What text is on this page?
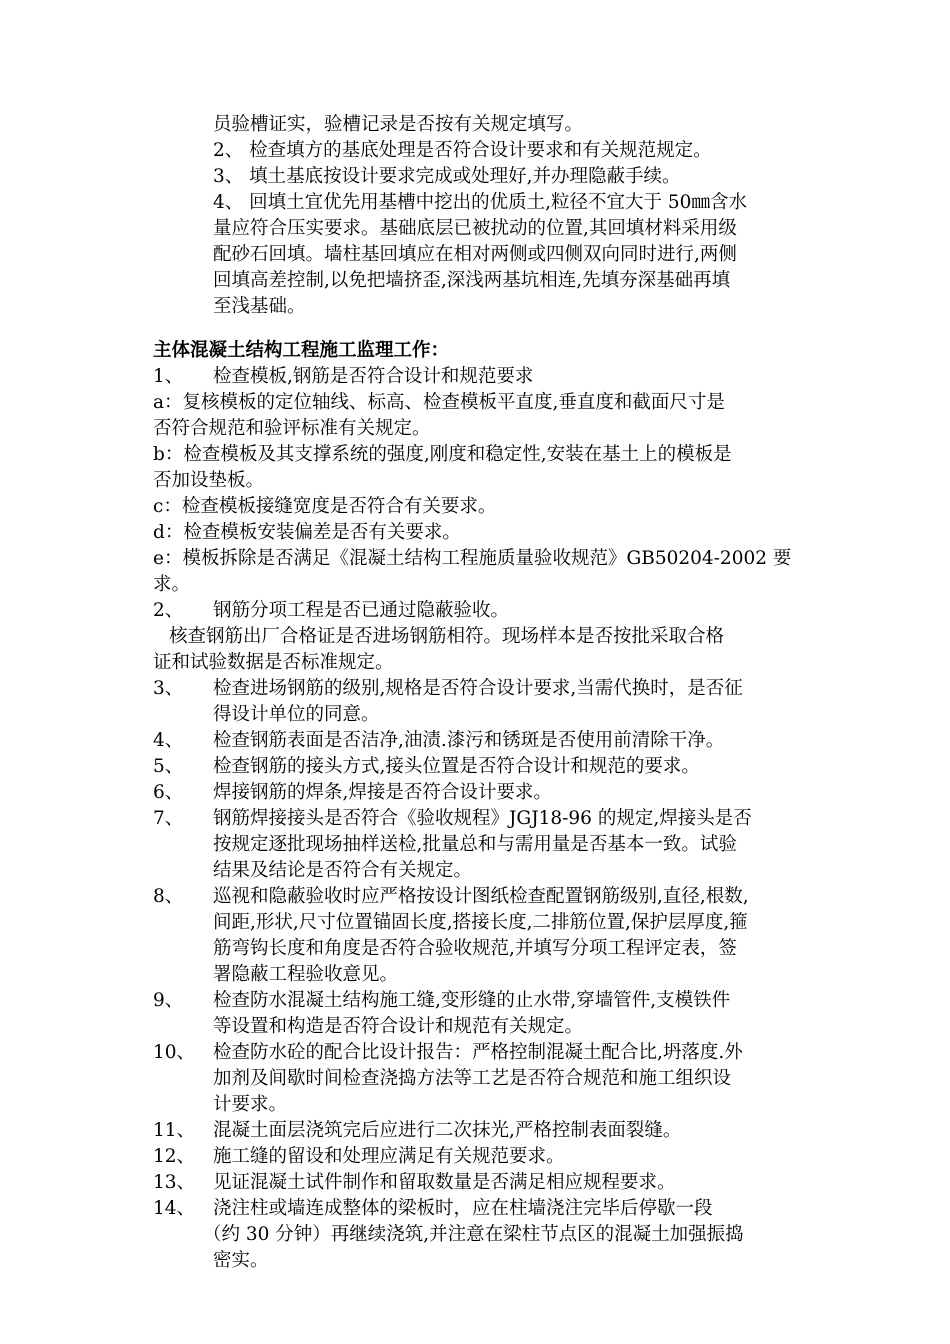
员验槽证实，验槽记录是否按有关规定填写。
2、 检查填方的基底处理是否符合设计要求和有关规范规定。
3、 填土基底按设计要求完成或处理好,并办理隐蔽手续。
4、 回填土宜优先用基槽中挖出的优质土,粒径不宜大于 50㎜含水
量应符合压实要求。基础底层已被扰动的位置,其回填材料采用级
配砂石回填。墙柱基回填应在相对两侧或四侧双向同时进行,两侧
回填高差控制,以免把墙挤歪,深浅两基坑相连,先填夯深基础再填
至浅基础。
主体混凝土结构工程施工监理工作：
1、 检查模板,钢筋是否符合设计和规范要求
a：复核模板的定位轴线、标高、检查模板平直度,垂直度和截面尺寸是
否符合规范和验评标准有关规定。
b：检查模板及其支撑系统的强度,刚度和稳定性,安装在基土上的模板是
否加设垫板。
c：检查模板接缝宽度是否符合有关要求。
d：检查模板安装偏差是否有关要求。
e：模板拆除是否满足《混凝土结构工程施质量验收规范》GB50204-2002 要
求。
2、 钢筋分项工程是否已通过隐蔽验收。
核查钢筋出厂合格证是否进场钢筋相符。现场样本是否按批采取合格
证和试验数据是否标准规定。
3、 检查进场钢筋的级别,规格是否符合设计要求,当需代换时，是否征
得设计单位的同意。
4、 检查钢筋表面是否洁净,油渍.漆污和锈斑是否使用前清除干净。
5、 检查钢筋的接头方式,接头位置是否符合设计和规范的要求。
6、 焊接钢筋的焊条,焊接是否符合设计要求。
7、 钢筋焊接接头是否符合《验收规程》JGJ18-96 的规定,焊接头是否
按规定逐批现场抽样送检,批量总和与需用量是否基本一致。试验
结果及结论是否符合有关规定。
8、 巡视和隐蔽验收时应严格按设计图纸检查配置钢筋级别,直径,根数,
间距,形状,尺寸位置锚固长度,搭接长度,二排筋位置,保护层厚度,箍
筋弯钩长度和角度是否符合验收规范,并填写分项工程评定表，签
署隐蔽工程验收意见。
9、 检查防水混凝土结构施工缝,变形缝的止水带,穿墙管件,支模铁件
等设置和构造是否符合设计和规范有关规定。
10、 检查防水砼的配合比设计报告：严格控制混凝土配合比,坍落度.外
加剂及间歇时间检查浇捣方法等工艺是否符合规范和施工组织设
计要求。
11、 混凝土面层浇筑完后应进行二次抹光,严格控制表面裂缝。
12、 施工缝的留设和处理应满足有关规范要求。
13、 见证混凝土试件制作和留取数量是否满足相应规程要求。
14、 浇注柱或墙连成整体的梁板时，应在柱墙浇注完毕后停歇一段
（约 30 分钟）再继续浇筑,并注意在梁柱节点区的混凝土加强振捣
密实。
